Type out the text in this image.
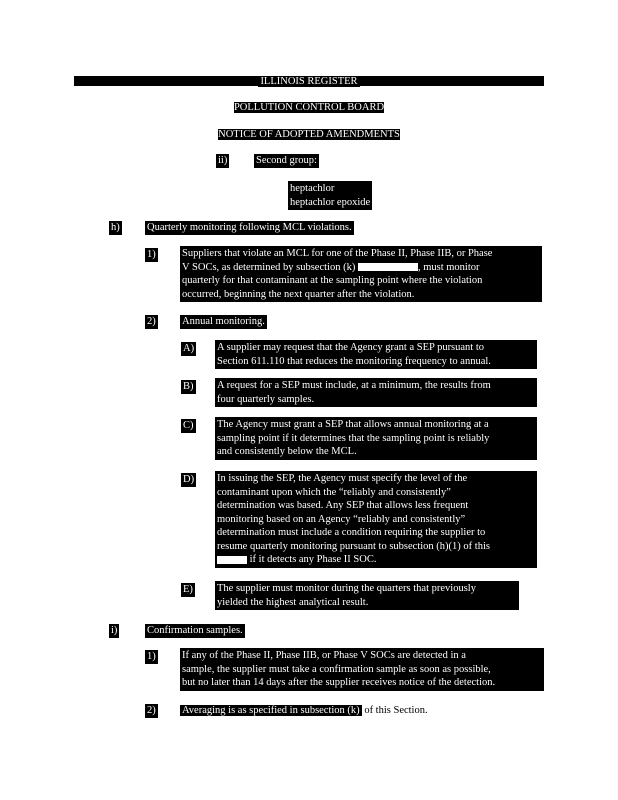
ILLINOIS REGISTER
POLLUTION CONTROL BOARD
NOTICE OF ADOPTED AMENDMENTS
ii)	Second group:
heptachlor
heptachlor epoxide
h)	Quarterly monitoring following MCL violations.
1)	Suppliers that violate an MCL for one of the Phase II, Phase IIB, or Phase
V SOCs, as determined by subsection (k)	, must monitor
quarterly for that contaminant at the sampling point where the violation
occurred, beginning the next quarter after the violation.
2)	Annual monitoring.
A) A supplier may request that the Agency grant a SEP pursuant to
Section 611.110 that reduces the monitoring frequency to annual.
B) A request for a SEP must include, at a minimum, the results from
four quarterly samples.
C) The Agency must grant a SEP that allows annual monitoring at a
sampling point if it determines that the sampling point is reliably
and consistently below the MCL.
D) In issuing the SEP, the Agency must specify the level of the
contaminant upon which the “reliably and consistently”
determination was based. Any SEP that allows less frequent
monitoring based on an Agency “reliably and consistently”
determination must include a condition requiring the supplier to
resume quarterly monitoring pursuant to subsection (h)(1) of this
if it detects any Phase II SOC.
E) The supplier must monitor during the quarters that previously
yielded the highest analytical result.
i)	Confirmation samples.
1)	If any of the Phase II, Phase IIB, or Phase V SOCs are detected in a
sample, the supplier must take a confirmation sample as soon as possible,
but no later than 14 days after the supplier receives notice of the detection.
2)	Averaging is as specified in subsection (k) of this Section.
